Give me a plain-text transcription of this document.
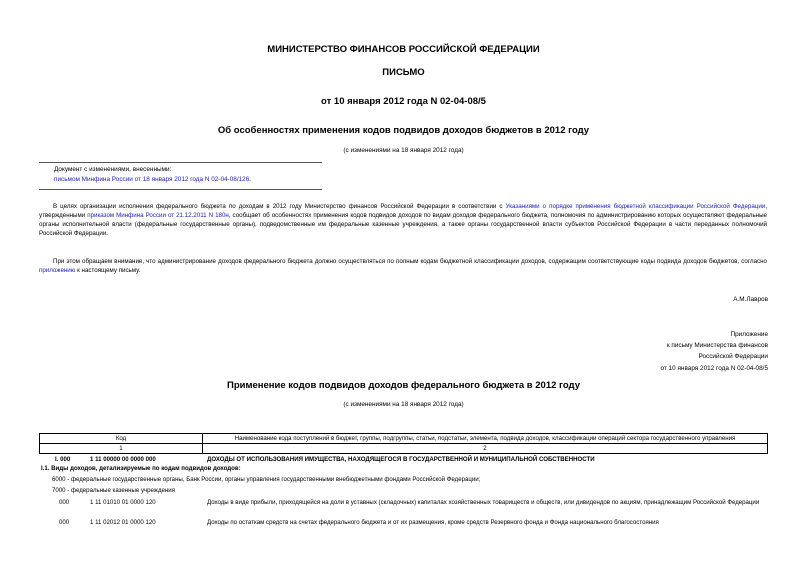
МИНИСТЕРСТВО ФИНАНСОВ РОССИЙСКОЙ ФЕДЕРАЦИИ
ПИСЬМО
от 10 января 2012 года N 02-04-08/5
Об особенностях применения кодов подвидов доходов бюджетов в 2012 году
(с изменениями на 18 января 2012 года)
Документ с изменениями, внесенными:
письмом Минфина России от 18 января 2012 года N 02-04-08/126.
В целях организации исполнения федерального бюджета по доходам в 2012 году Министерство финансов Российской Федерации в соответствии с Указаниями о порядке применения бюджетной классификации Российской Федерации, утвержденными приказом Минфина России от 21.12.2011 N 180н, сообщает об особенностях применения кодов подвидов доходов по видам доходов федерального бюджета, полномочия по администрированию которых осуществляют федеральные органы исполнительной власти (федеральные государственные органы), подведомственные им федеральные казенные учреждения, а также органы государственной власти субъектов Российской Федерации в части переданных полномочий Российской Федерации.
При этом обращаем внимание, что администрирование доходов федерального бюджета должно осуществляться по полным кодам бюджетной классификации доходов, содержащим соответствующие коды подвида доходов бюджетов, согласно приложению к настоящему письму.
А.М.Лавров
Приложение
к письму Министерства финансов
Российской Федерации
от 10 января 2012 года N 02-04-08/5
Применение кодов подвидов доходов федерального бюджета в 2012 году
(с изменениями на 18 января 2012 года)
Код	Наименование кода поступлений в бюджет, группы, подгруппы, статьи, подстатьи, элемента, подвида доходов, классификации операций сектора государственного управления
1	2
I. 000	1 11 00000 00 0000 000	ДОХОДЫ ОТ ИСПОЛЬЗОВАНИЯ ИМУЩЕСТВА, НАХОДЯЩЕГОСЯ В ГОСУДАРСТВЕННОЙ И МУНИЦИПАЛЬНОЙ СОБСТВЕННОСТИ
I.1. Виды доходов, детализируемые по кодам подвидов доходов:
6000 - федеральные государственные органы, Банк России, органы управления государственными внебюджетными фондами Российской Федерации;
7000 - федеральные казенные учреждения
000	1 11 01010 01 0000 120	Доходы в виде прибыли, приходящейся на доли в уставных (складочных) капиталах хозяйственных товариществ и обществ, или дивидендов по акциям, принадлежащим Российской Федерации
000	1 11 02012 01 0000 120	Доходы по остаткам средств на счетах федерального бюджета и от их размещения, кроме средств Резервного фонда и Фонда национального благосостояния
